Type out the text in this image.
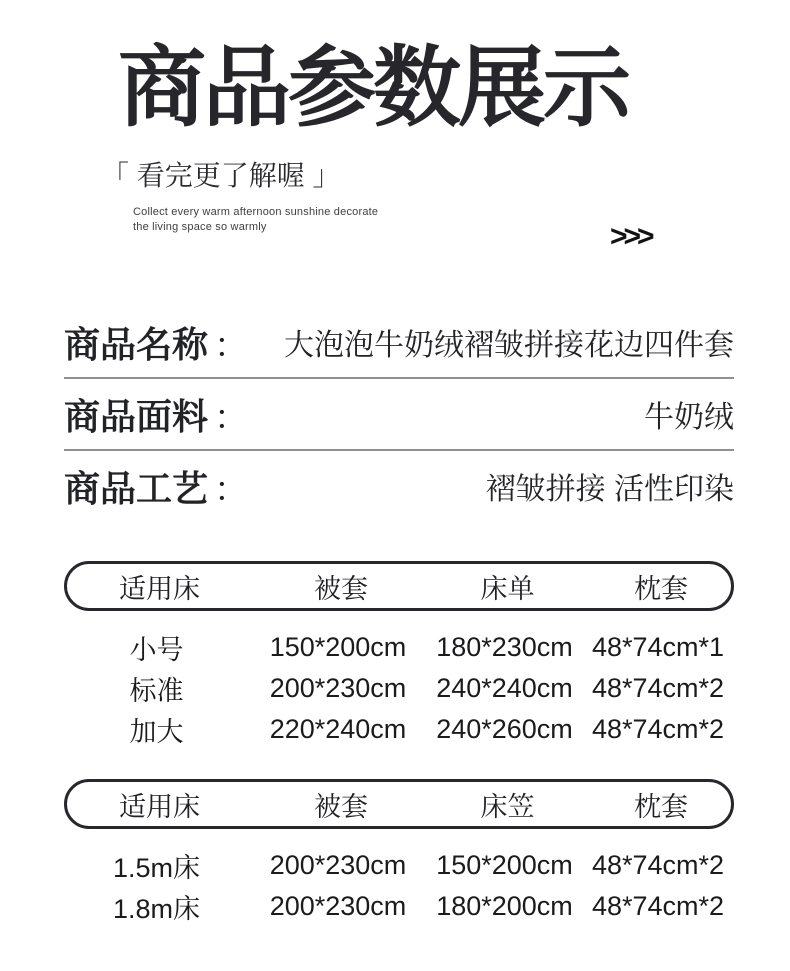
商品参数展示
「 看完更了解喔 」
Collect every warm afternoon sunshine decorate
the living space so warmly	>>>
商品名称 ： 大泡泡牛奶绒褶皱拼接花边四件套
商品面料 ：	牛奶绒
商品工艺 ：	褶皱拼接 活性印染
适用床	被套	床单	枕套
小号	150*200cm	180*230cm 48*74cm*1
标准	200*230cm	240*240cm 48*74cm*2
加大	220*240cm	240*260cm 48*74cm*2
适用床	被套	床笠	枕套
1.5m床	200*230cm	150*200cm 48*74cm*2
1.8m床	200*230cm	180*200cm 48*74cm*2
